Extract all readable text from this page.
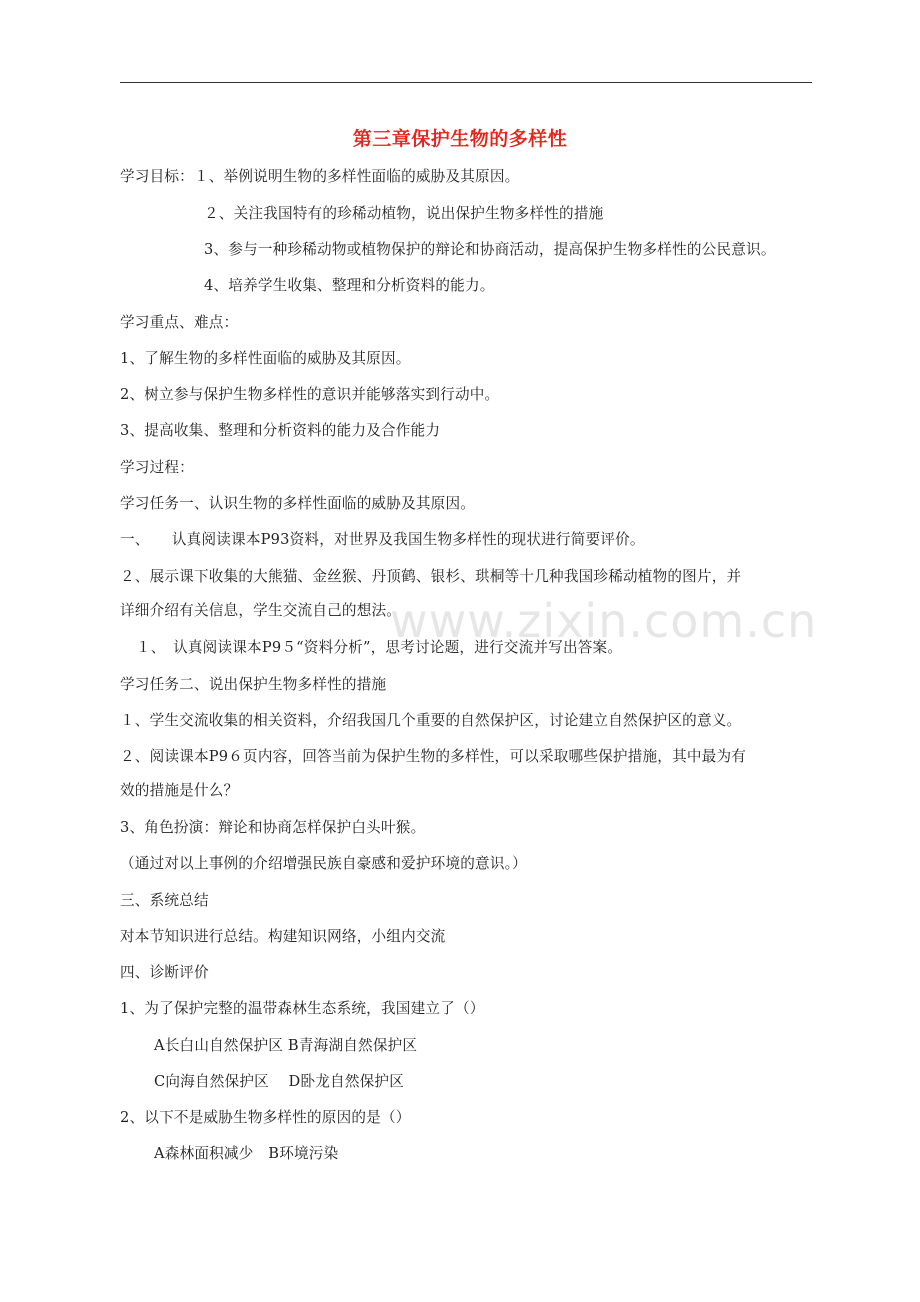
www.zixin.com.cn
第三章保护生物的多样性
学习目标：１、举例说明生物的多样性面临的威胁及其原因。
２、关注我国特有的珍稀动植物，说出保护生物多样性的措施
3、参与一种珍稀动物或植物保护的辩论和协商活动，提高保护生物多样性的公民意识。
4、培养学生收集、整理和分析资料的能力。
学习重点、难点：
1、了解生物的多样性面临的威胁及其原因。
2、树立参与保护生物多样性的意识并能够落实到行动中。
3、提高收集、整理和分析资料的能力及合作能力
学习过程：
学习任务一、认识生物的多样性面临的威胁及其原因。
一、　　认真阅读课本P93资料，对世界及我国生物多样性的现状进行简要评价。
２、展示课下收集的大熊猫、金丝猴、丹顶鹤、银杉、珙桐等十几种我国珍稀动植物的图片，并
详细介绍有关信息，学生交流自己的想法。
１、　认真阅读课本P9５“资料分析”，思考讨论题，进行交流并写出答案。
学习任务二、说出保护生物多样性的措施
１、学生交流收集的相关资料，介绍我国几个重要的自然保护区，讨论建立自然保护区的意义。
２、阅读课本P9６页内容，回答当前为保护生物的多样性，可以采取哪些保护措施，其中最为有
效的措施是什么？
3、角色扮演：辩论和协商怎样保护白头叶猴。
（通过对以上事例的介绍增强民族自豪感和爱护环境的意识。）
三、系统总结
对本节知识进行总结。构建知识网络，小组内交流
四、诊断评价
1、为了保护完整的温带森林生态系统，我国建立了（）
A长白山自然保护区 B青海湖自然保护区
C向海自然保护区　 D卧龙自然保护区
2、以下不是威胁生物多样性的原因的是（）
A森林面积减少　B环境污染
